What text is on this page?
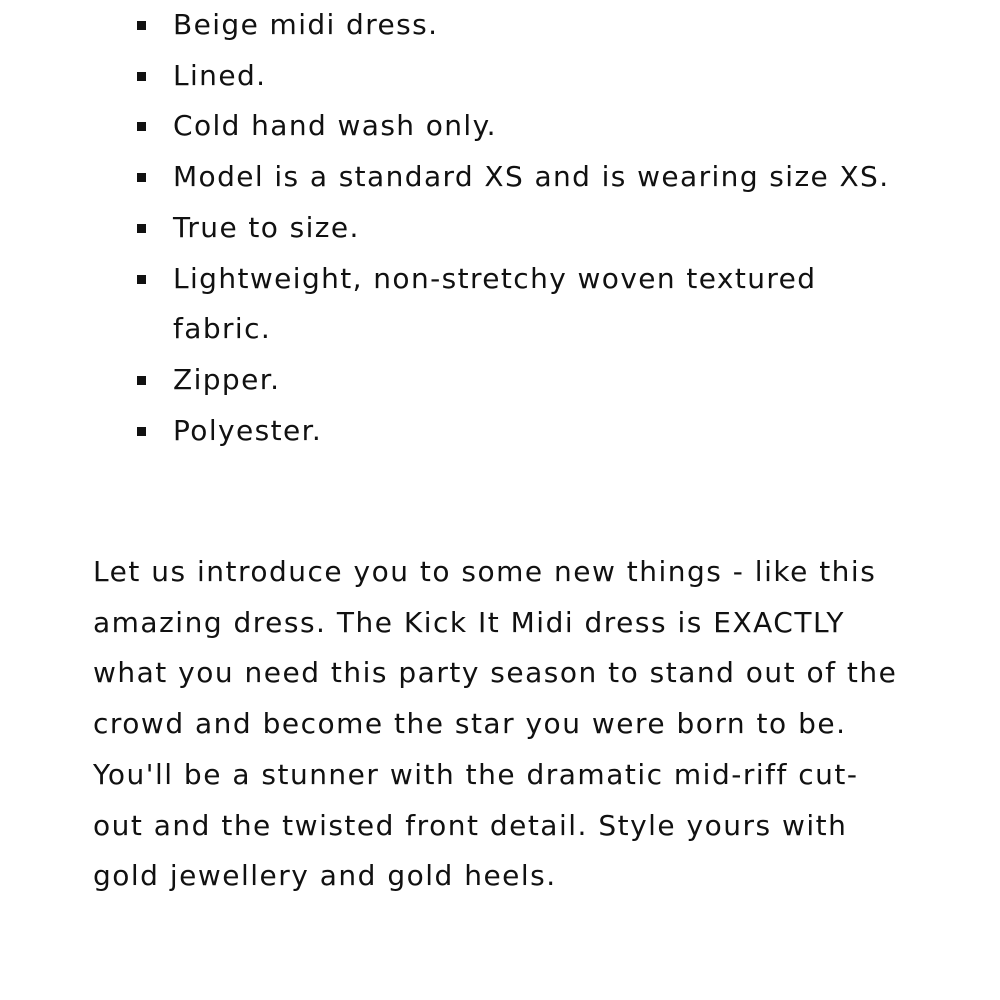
Beige midi dress.
Lined.
Cold hand wash only.
Model is a standard XS and is wearing size XS.
True to size.
Lightweight, non-stretchy woven textured fabric.
Zipper.
Polyester.

Let us introduce you to some new things - like this amazing dress. The Kick It Midi dress is EXACTLY what you need this party season to stand out of the crowd and become the star you were born to be.  You'll be a stunner with the dramatic mid-riff cut-out and the twisted front detail. Style yours with gold jewellery and gold heels.
